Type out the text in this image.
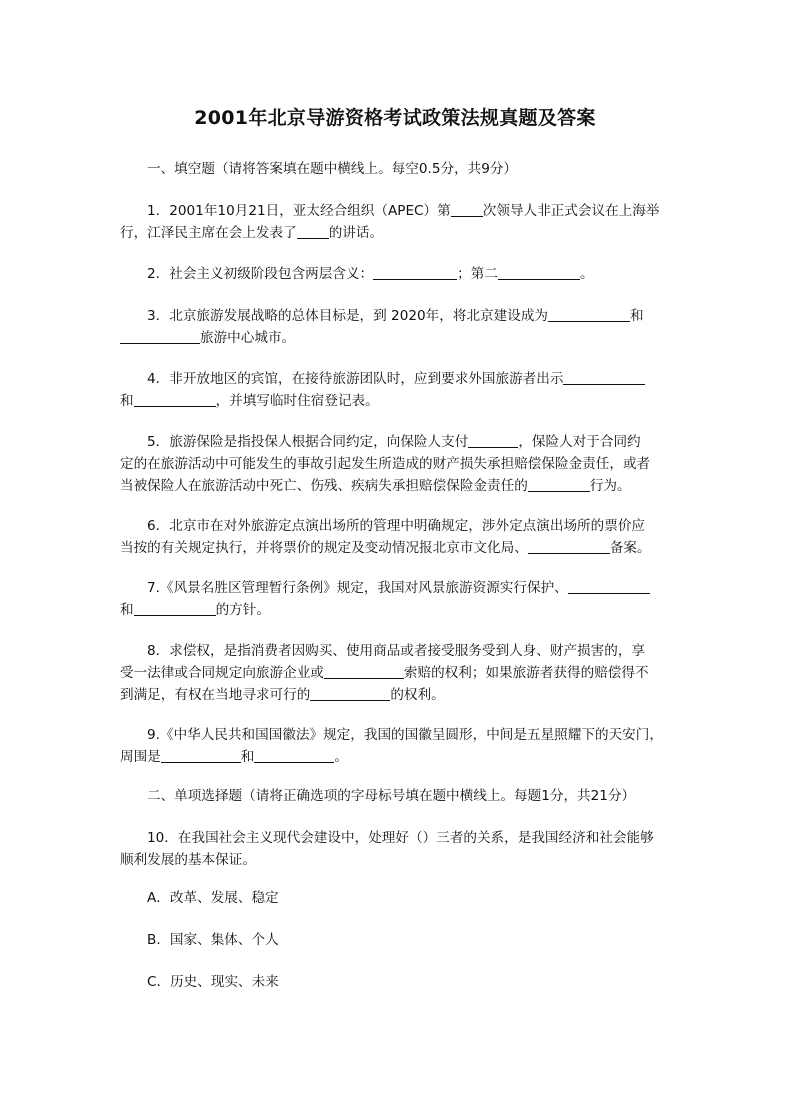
2001年北京导游资格考试政策法规真题及答案
一、填空题（请将答案填在题中横线上。每空0.5分，共9分）
1．2001年10月21日，亚太经合组织（APEC）第 次领导人非正式会议在上海举
行，江泽民主席在会上发表了 的讲话。
2．社会主义初级阶段包含两层含义：	；第二	。
3．北京旅游发展战略的总体目标是，到 2020年，将北京建设成为	和
旅游中心城市。
4．非开放地区的宾馆，在接待旅游团队时，应到要求外国旅游者出示
和	，并填写临时住宿登记表。
5．旅游保险是指投保人根据合同约定，向保险人支付	，保险人对于合同约
定的在旅游活动中可能发生的事故引起发生所造成的财产损失承担赔偿保险金责任，或者
当被保险人在旅游活动中死亡、伤残、疾病失承担赔偿保险金责任的	行为。
6．北京市在对外旅游定点演出场所的管理中明确规定，涉外定点演出场所的票价应
当按的有关规定执行，并将票价的规定及变动情况报北京市文化局、	备案。
7.《风景名胜区管理暂行条例》规定，我国对风景旅游资源实行保护、
和	的方针。
8．求偿权，是指消费者因购买、使用商品或者接受服务受到人身、财产损害的，享
受一法律或合同规定向旅游企业或	索赔的权利；如果旅游者获得的赔偿得不
到满足，有权在当地寻求可行的	的权利。
9.《中华人民共和国国徽法》规定，我国的国徽呈圆形，中间是五星照耀下的天安门，
周围是	和	。
二、单项选择题（请将正确选项的字母标号填在题中横线上。每题1分，共21分）
10．在我国社会主义现代会建设中，处理好（）三者的关系，是我国经济和社会能够
顺利发展的基本保证。
A．改革、发展、稳定
B．国家、集体、个人
C．历史、现实、未来
